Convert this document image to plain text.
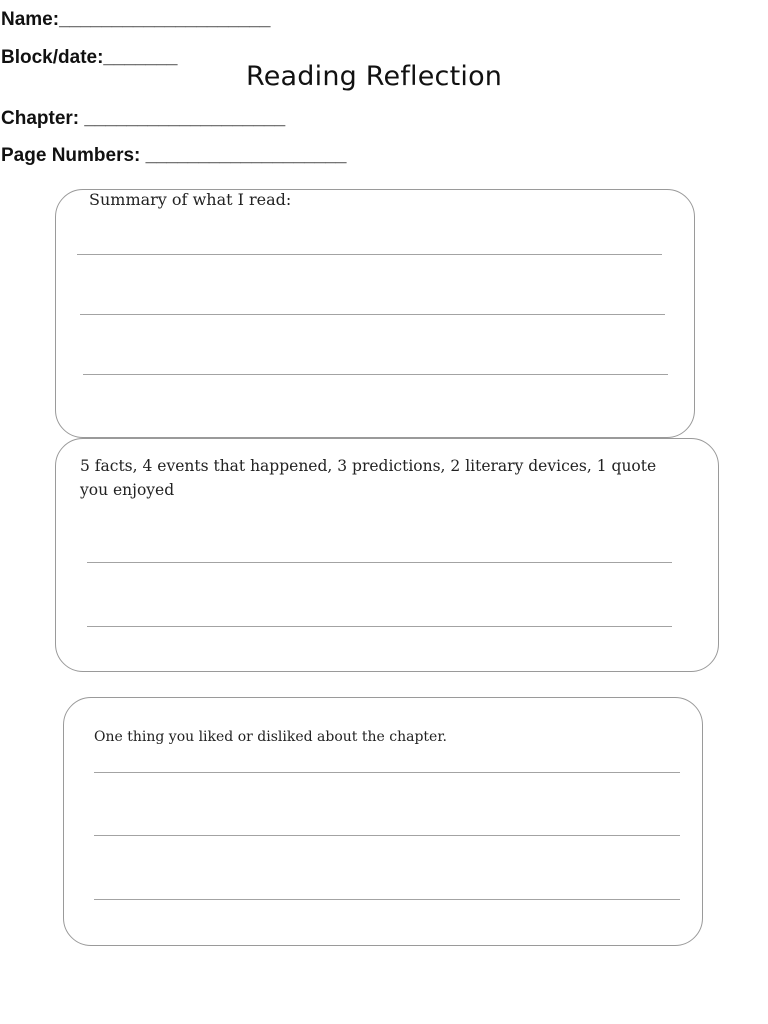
Name:____________________

Block/date:_______

Reading Reflection

Chapter: ___________________

Page Numbers: ___________________

Summary of what I read:

5 facts, 4 events that happened, 3 predictions, 2 literary devices, 1 quote you enjoyed

One thing you liked or disliked about the chapter.
